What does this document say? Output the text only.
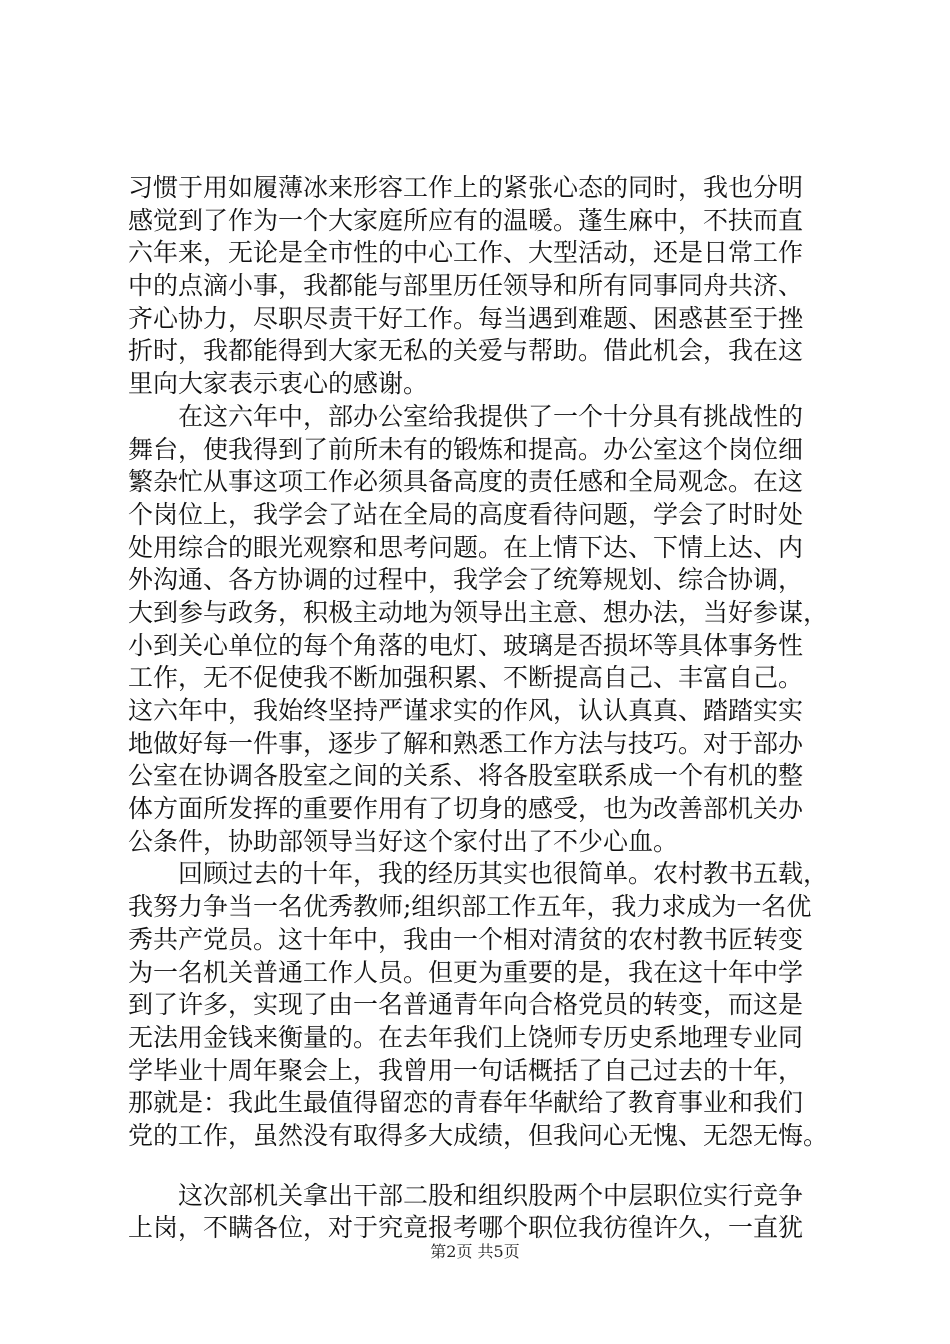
习惯于用如履薄冰来形容工作上的紧张心态的同时，我也分明
感觉到了作为一个大家庭所应有的温暖。蓬生麻中，不扶而直
六年来，无论是全市性的中心工作、大型活动，还是日常工作
中的点滴小事，我都能与部里历任领导和所有同事同舟共济、
齐心协力，尽职尽责干好工作。每当遇到难题、困惑甚至于挫
折时，我都能得到大家无私的关爱与帮助。借此机会，我在这
里向大家表示衷心的感谢。
　　在这六年中，部办公室给我提供了一个十分具有挑战性的
舞台，使我得到了前所未有的锻炼和提高。办公室这个岗位细
繁杂忙从事这项工作必须具备高度的责任感和全局观念。在这
个岗位上，我学会了站在全局的高度看待问题，学会了时时处
处用综合的眼光观察和思考问题。在上情下达、下情上达、内
外沟通、各方协调的过程中，我学会了统筹规划、综合协调，
大到参与政务，积极主动地为领导出主意、想办法，当好参谋，
小到关心单位的每个角落的电灯、玻璃是否损坏等具体事务性
工作，无不促使我不断加强积累、不断提高自己、丰富自己。
这六年中，我始终坚持严谨求实的作风，认认真真、踏踏实实
地做好每一件事，逐步了解和熟悉工作方法与技巧。对于部办
公室在协调各股室之间的关系、将各股室联系成一个有机的整
体方面所发挥的重要作用有了切身的感受，也为改善部机关办
公条件，协助部领导当好这个家付出了不少心血。
　　回顾过去的十年，我的经历其实也很简单。农村教书五载，
我努力争当一名优秀教师;组织部工作五年，我力求成为一名优
秀共产党员。这十年中，我由一个相对清贫的农村教书匠转变
为一名机关普通工作人员。但更为重要的是，我在这十年中学
到了许多，实现了由一名普通青年向合格党员的转变，而这是
无法用金钱来衡量的。在去年我们上饶师专历史系地理专业同
学毕业十周年聚会上，我曾用一句话概括了自己过去的十年，
那就是：我此生最值得留恋的青春年华献给了教育事业和我们
党的工作，虽然没有取得多大成绩，但我问心无愧、无怨无悔。
　　这次部机关拿出干部二股和组织股两个中层职位实行竞争
上岗，不瞒各位，对于究竟报考哪个职位我彷徨许久，一直犹
第2页 共5页
